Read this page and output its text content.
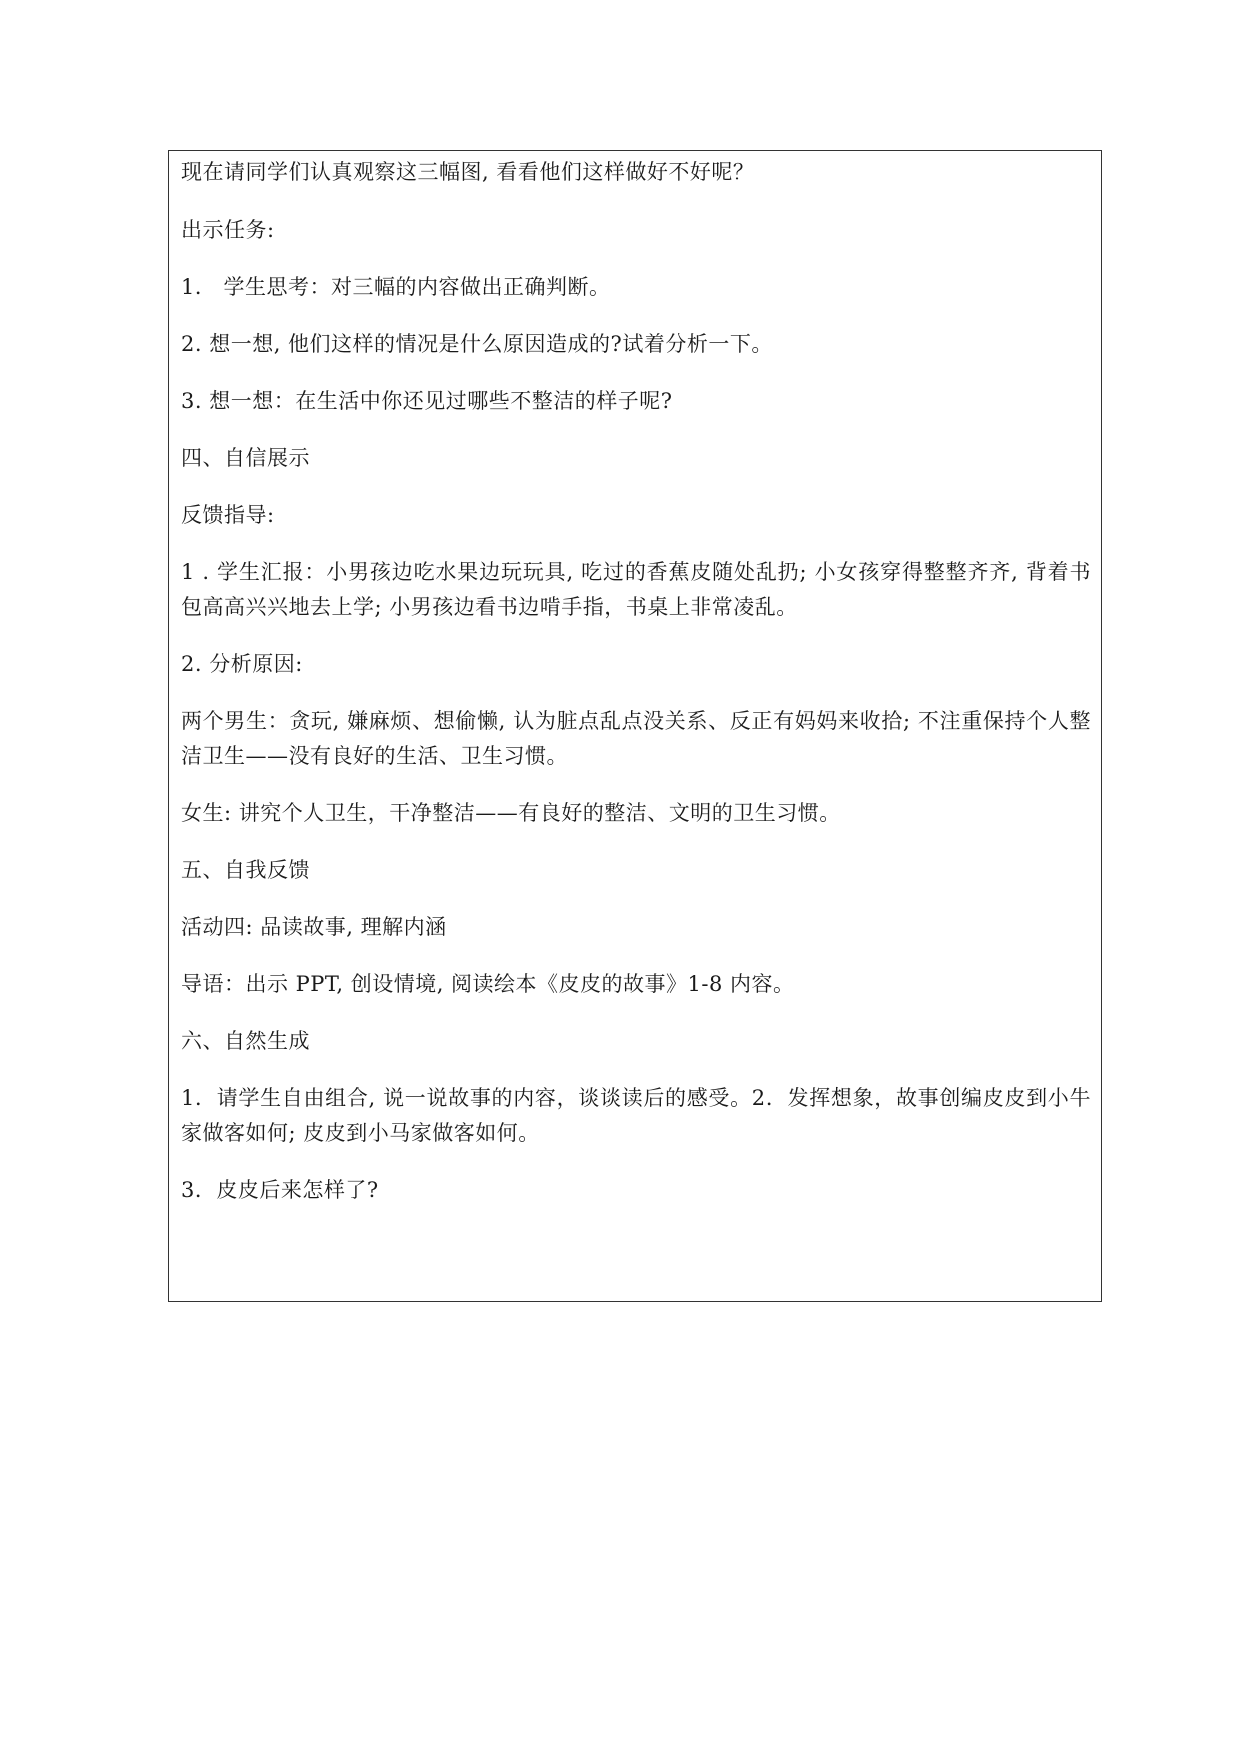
现在请同学们认真观察这三幅图, 看看他们这样做好不好呢？
出示任务:
1． 学生思考：对三幅的内容做出正确判断。
2. 想一想, 他们这样的情况是什么原因造成的?试着分析一下。
3. 想一想：在生活中你还见过哪些不整洁的样子呢?
四、自信展示
反馈指导:
1 . 学生汇报：小男孩边吃水果边玩玩具, 吃过的香蕉皮随处乱扔; 小女孩穿得整整齐齐, 背着书包高高兴兴地去上学; 小男孩边看书边啃手指，书桌上非常凌乱。
2. 分析原因:
两个男生：贪玩, 嫌麻烦、想偷懒, 认为脏点乱点没关系、反正有妈妈来收拾; 不注重保持个人整洁卫生——没有良好的生活、卫生习惯。
女生: 讲究个人卫生，干净整洁——有良好的整洁、文明的卫生习惯。
五、自我反馈
活动四: 品读故事, 理解内涵
导语：出示 PPT, 创设情境, 阅读绘本《皮皮的故事》1-8 内容。
六、自然生成
1．请学生自由组合, 说一说故事的内容，谈谈读后的感受。2．发挥想象，故事创编皮皮到小牛家做客如何; 皮皮到小马家做客如何。
3．皮皮后来怎样了?
